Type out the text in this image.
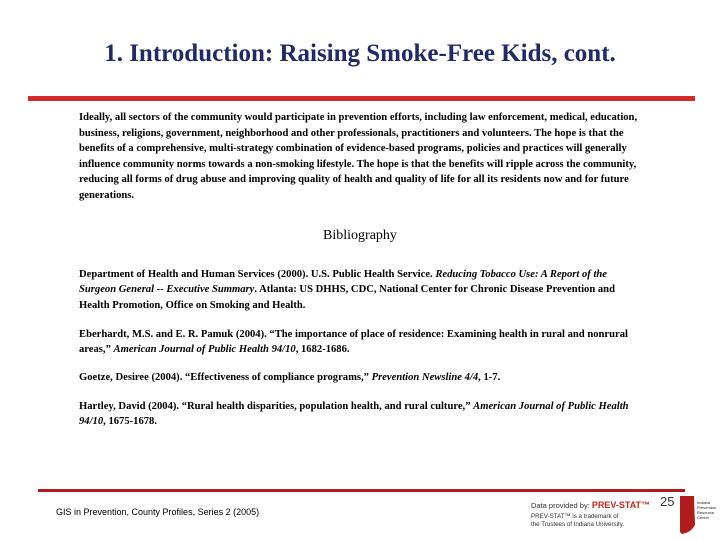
1. Introduction: Raising Smoke-Free Kids, cont.
Ideally, all sectors of the community would participate in prevention efforts, including law enforcement, medical, education, business, religions, government, neighborhood and other professionals, practitioners and volunteers. The hope is that the benefits of a comprehensive, multi-strategy combination of evidence-based programs, policies and practices will generally influence community norms towards a non-smoking lifestyle. The hope is that the benefits will ripple across the community, reducing all forms of drug abuse and improving quality of health and quality of life for all its residents now and for future generations.
Bibliography
Department of Health and Human Services (2000). U.S. Public Health Service. Reducing Tobacco Use: A Report of the Surgeon General -- Executive Summary. Atlanta: US DHHS, CDC, National Center for Chronic Disease Prevention and Health Promotion, Office on Smoking and Health.
Eberhardt, M.S. and E. R. Pamuk (2004). “The importance of place of residence: Examining health in rural and nonrural areas,” American Journal of Public Health 94/10, 1682-1686.
Goetze, Desiree (2004). “Effectiveness of compliance programs,” Prevention Newsline 4/4, 1-7.
Hartley, David (2004). “Rural health disparities, population health, and rural culture,” American Journal of Public Health 94/10, 1675-1678.
GIS in Prevention, County Profiles, Series 2 (2005)
Data provided by: PREV-STAT™
PREV-STAT™ is a trademark of
the Trustees of Indiana University.
25	Indiana
Prevention
Resource
Center
